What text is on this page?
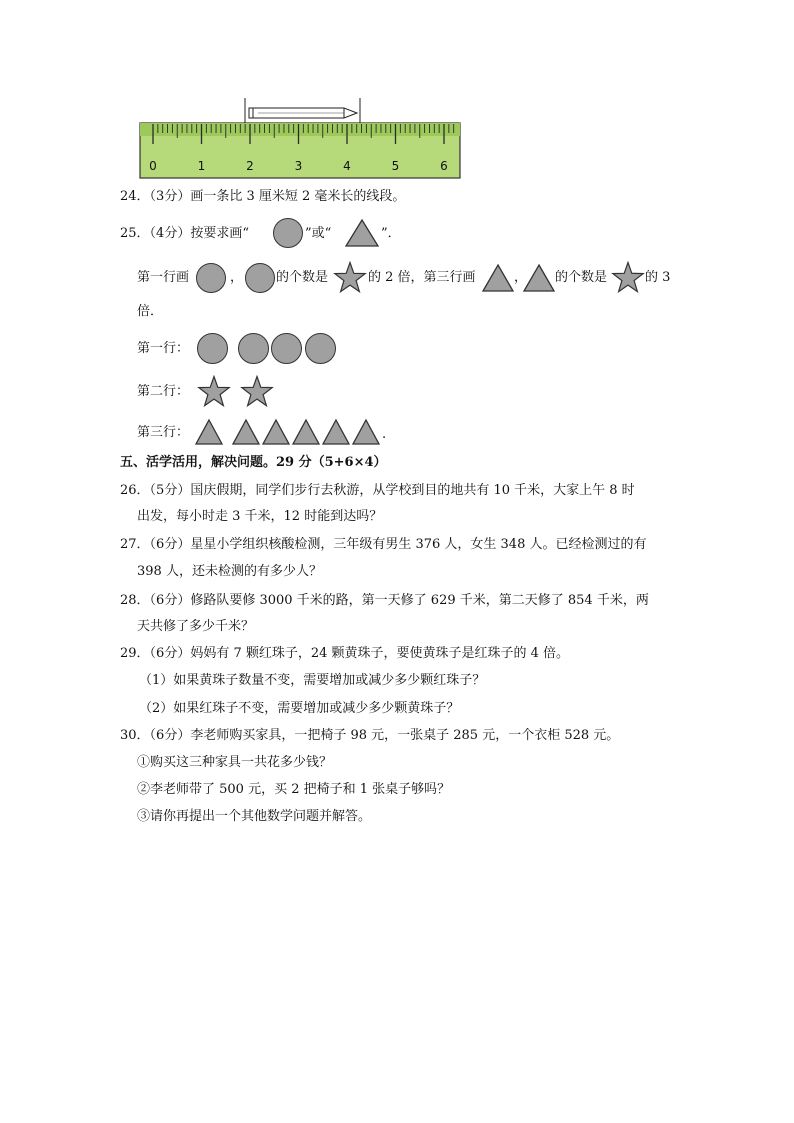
0	1	2	3	4	5	6
24．（3分）画一条比 3 厘米短 2 毫米长的线段。
25．（4分）按要求画“	”或“	”．
第一行画	，	的个数是	的 2 倍，第三行画	， 的个数是	的 3
倍．
第一行：
第二行：
第三行：	.
五、活学活用，解决问题。29 分（5+6×4）
26．（5分）国庆假期，同学们步行去秋游，从学校到目的地共有 10 千米，大家上午 8 时
出发，每小时走 3 千米，12 时能到达吗？
27．（6分）星星小学组织核酸检测，三年级有男生 376 人，女生 348 人。已经检测过的有
398 人，还未检测的有多少人？
28．（6分）修路队要修 3000 千米的路，第一天修了 629 千米，第二天修了 854 千米，两
天共修了多少千米？
29．（6分）妈妈有 7 颗红珠子，24 颗黄珠子，要使黄珠子是红珠子的 4 倍。
（1）如果黄珠子数量不变，需要增加或减少多少颗红珠子？
（2）如果红珠子不变，需要增加或减少多少颗黄珠子？
30．（6分）李老师购买家具，一把椅子 98 元，一张桌子 285 元，一个衣柜 528 元。
①购买这三种家具一共花多少钱？
②李老师带了 500 元，买 2 把椅子和 1 张桌子够吗？
③请你再提出一个其他数学问题并解答。
